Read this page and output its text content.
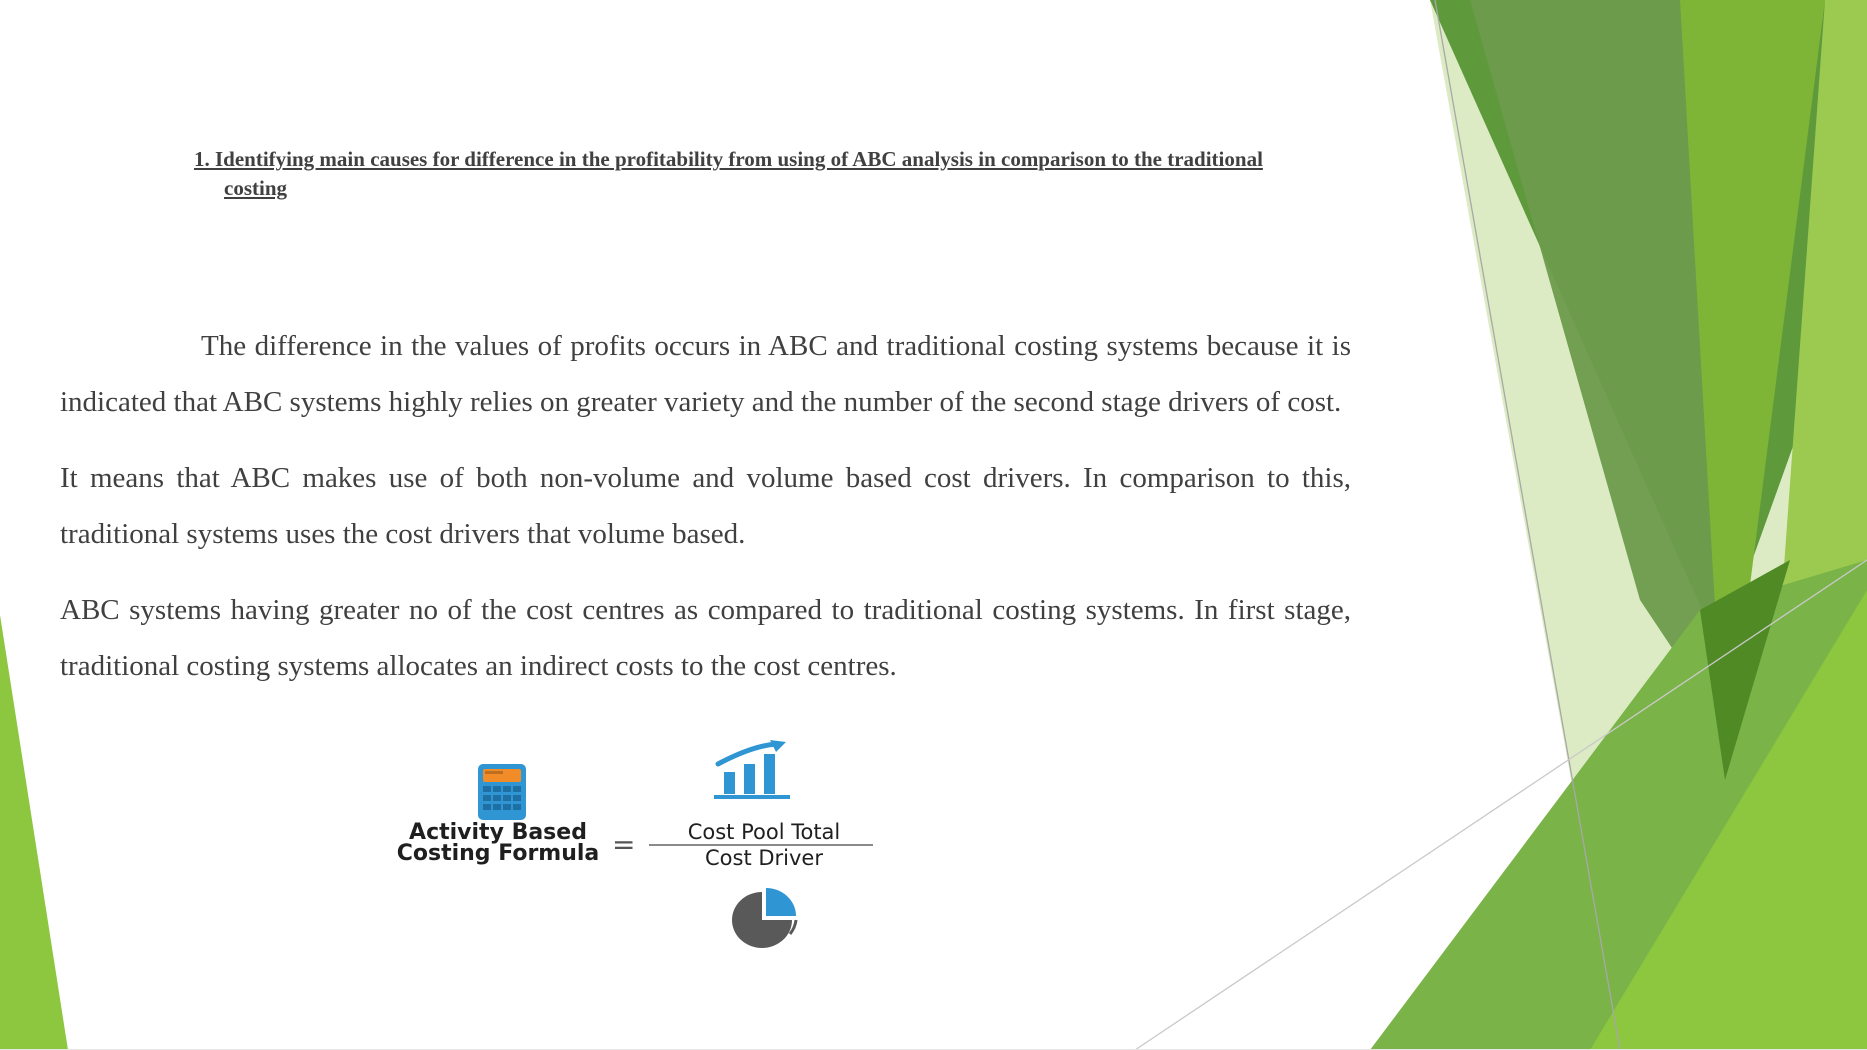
1. Identifying main causes for difference in the profitability from using of ABC analysis in comparison to the traditional
costing

The difference in the values of profits occurs in ABC and traditional costing systems because it is indicated that ABC systems highly relies on greater variety and the number of the second stage drivers of cost.

It means that ABC makes use of both non-volume and volume based cost drivers. In comparison to this, traditional systems uses the cost drivers that volume based.

ABC systems having greater no of the cost centres as compared to traditional costing systems. In first stage, traditional costing systems allocates an indirect costs to the cost centres.

Activity Based
Costing Formula =	Cost Pool Total
Cost Driver
